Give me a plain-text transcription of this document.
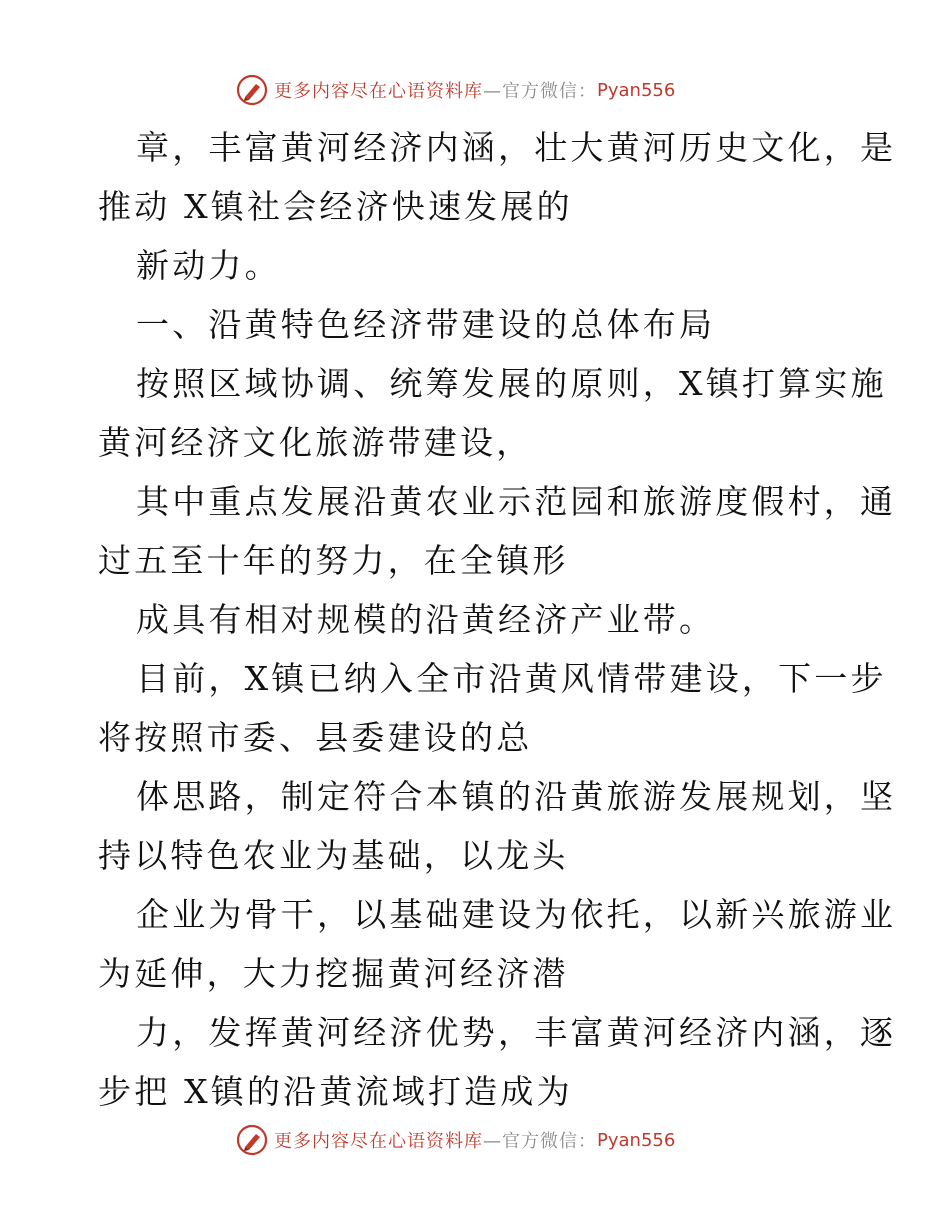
更多内容尽在心语资料库 —官方微信： Pyan556
章，丰富黄河经济内涵，壮大黄河历史文化，是
推动 X镇社会经济快速发展的
新动力。
一、沿黄特色经济带建设的总体布局
按照区域协调、统筹发展的原则，X镇打算实施
黄河经济文化旅游带建设，
其中重点发展沿黄农业示范园和旅游度假村，通
过五至十年的努力，在全镇形
成具有相对规模的沿黄经济产业带。
目前，X镇已纳入全市沿黄风情带建设，下一步
将按照市委、县委建设的总
体思路，制定符合本镇的沿黄旅游发展规划，坚
持以特色农业为基础，以龙头
企业为骨干，以基础建设为依托，以新兴旅游业
为延伸，大力挖掘黄河经济潜
力，发挥黄河经济优势，丰富黄河经济内涵，逐
步把 X镇的沿黄流域打造成为
更多内容尽在心语资料库 —官方微信： Pyan556
